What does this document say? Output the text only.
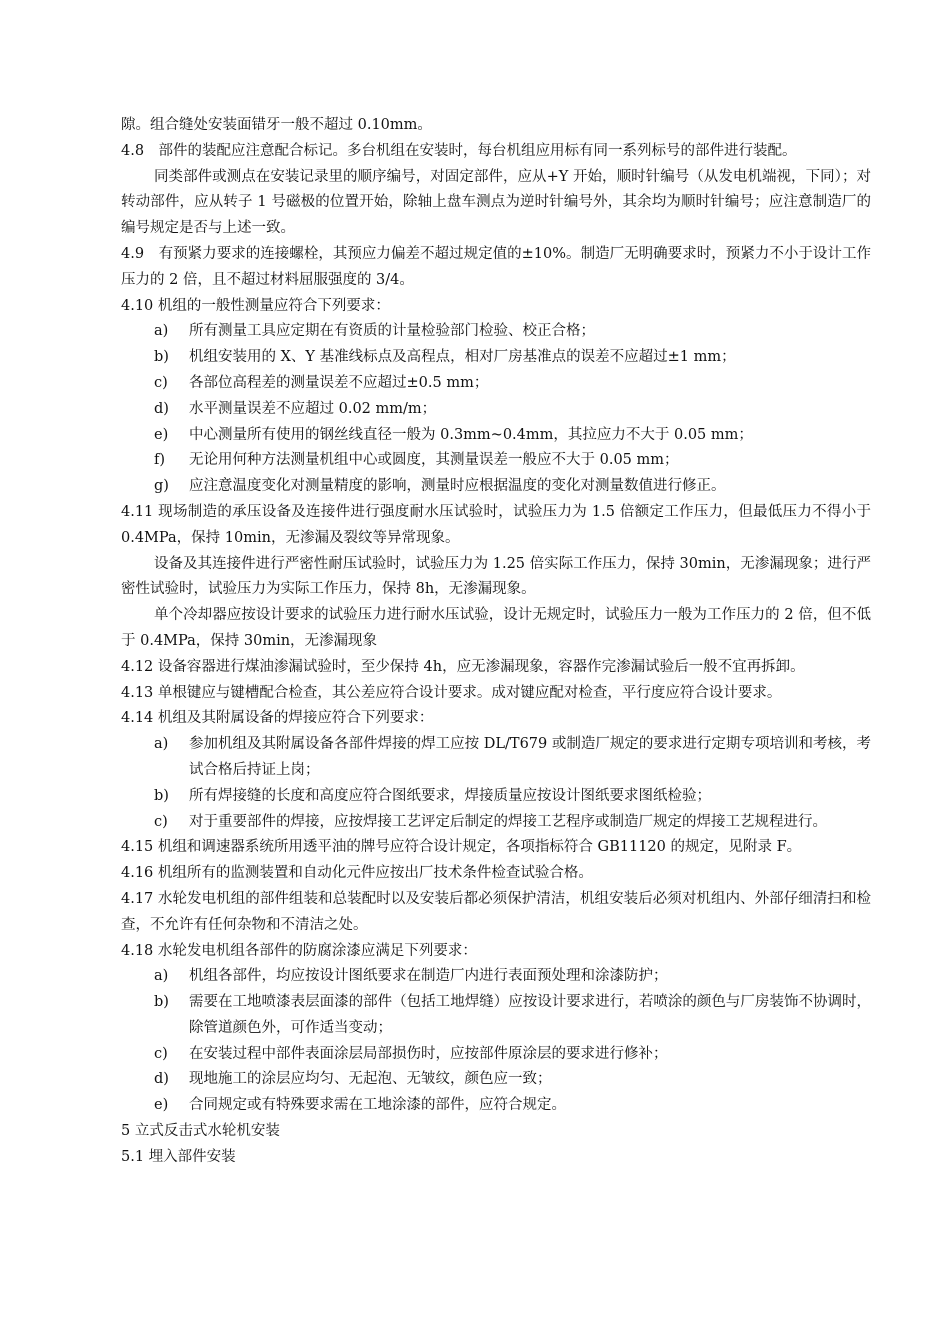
隙。组合缝处安装面错牙一般不超过 0.10mm。

4.8　部件的装配应注意配合标记。多台机组在安装时，每台机组应用标有同一系列标号的部件进行装配。

同类部件或测点在安装记录里的顺序编号，对固定部件，应从+Y 开始，顺时针编号（从发电机端视，下同）；对转动部件，应从转子 1 号磁极的位置开始，除轴上盘车测点为逆时针编号外，其余均为顺时针编号；应注意制造厂的编号规定是否与上述一致。

4.9　有预紧力要求的连接螺栓，其预应力偏差不超过规定值的±10%。制造厂无明确要求时，预紧力不小于设计工作压力的 2 倍，且不超过材料屈服强度的 3/4。

4.10 机组的一般性测量应符合下列要求：

a)	所有测量工具应定期在有资质的计量检验部门检验、校正合格；
b)	机组安装用的 X、Y 基准线标点及高程点，相对厂房基准点的误差不应超过±1 mm；
c)	各部位高程差的测量误差不应超过±0.5 mm；
d)	水平测量误差不应超过 0.02 mm/m；
e)	中心测量所有使用的钢丝线直径一般为 0.3mm~0.4mm，其拉应力不大于 0.05 mm；
f)	无论用何种方法测量机组中心或圆度，其测量误差一般应不大于 0.05 mm；
g)	应注意温度变化对测量精度的影响，测量时应根据温度的变化对测量数值进行修正。

4.11 现场制造的承压设备及连接件进行强度耐水压试验时，试验压力为 1.5 倍额定工作压力，但最低压力不得小于 0.4MPa，保持 10min，无渗漏及裂纹等异常现象。

设备及其连接件进行严密性耐压试验时，试验压力为 1.25 倍实际工作压力，保持 30min，无渗漏现象；进行严密性试验时，试验压力为实际工作压力，保持 8h，无渗漏现象。

单个冷却器应按设计要求的试验压力进行耐水压试验，设计无规定时，试验压力一般为工作压力的 2 倍，但不低于 0.4MPa，保持 30min，无渗漏现象

4.12 设备容器进行煤油渗漏试验时，至少保持 4h，应无渗漏现象，容器作完渗漏试验后一般不宜再拆卸。

4.13 单根键应与键槽配合检查，其公差应符合设计要求。成对键应配对检查，平行度应符合设计要求。

4.14 机组及其附属设备的焊接应符合下列要求：

a)	参加机组及其附属设备各部件焊接的焊工应按 DL/T679 或制造厂规定的要求进行定期专项培训和考核，考试合格后持证上岗；
b)	所有焊接缝的长度和高度应符合图纸要求，焊接质量应按设计图纸要求图纸检验；
c)	对于重要部件的焊接，应按焊接工艺评定后制定的焊接工艺程序或制造厂规定的焊接工艺规程进行。

4.15 机组和调速器系统所用透平油的牌号应符合设计规定，各项指标符合 GB11120 的规定，见附录 F。

4.16 机组所有的监测装置和自动化元件应按出厂技术条件检查试验合格。

4.17 水轮发电机组的部件组装和总装配时以及安装后都必须保护清洁，机组安装后必须对机组内、外部仔细清扫和检查，不允许有任何杂物和不清洁之处。

4.18 水轮发电机组各部件的防腐涂漆应满足下列要求：

a)	机组各部件，均应按设计图纸要求在制造厂内进行表面预处理和涂漆防护；
b)	需要在工地喷漆表层面漆的部件（包括工地焊缝）应按设计要求进行，若喷涂的颜色与厂房装饰不协调时，除管道颜色外，可作适当变动；
c)	在安装过程中部件表面涂层局部损伤时，应按部件原涂层的要求进行修补；
d)	现地施工的涂层应均匀、无起泡、无皱纹，颜色应一致；
e)	合同规定或有特殊要求需在工地涂漆的部件，应符合规定。

5 立式反击式水轮机安装

5.1 埋入部件安装
